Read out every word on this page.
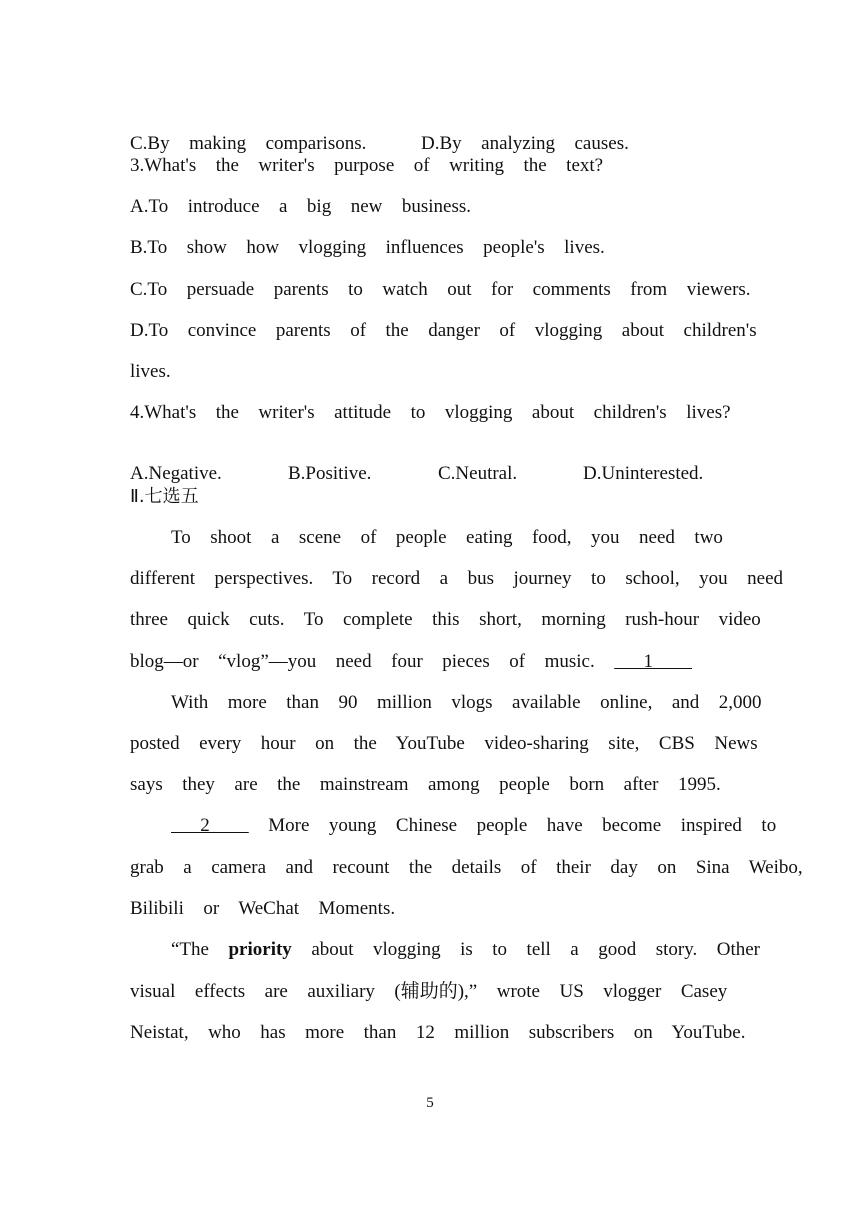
C.By  making  comparisons.	D.By  analyzing  causes.

3.What's  the  writer's  purpose  of  writing  the  text?

A.To  introduce  a  big  new  business.

B.To  show  how  vlogging  influences  people's  lives.

C.To  persuade  parents  to  watch  out  for  comments  from  viewers.

D.To  convince  parents  of  the  danger  of  vlogging  about  children's

lives.

4.What's  the  writer's  attitude  to  vlogging  about  children's  lives?

A.Negative.	B.Positive.	C.Neutral.	D.Uninterested.

Ⅱ.七选五

To  shoot  a  scene  of  people  eating  food,  you  need  two

different  perspectives.  To  record  a  bus  journey  to  school,  you  need

three  quick  cuts.  To  complete  this  short,  morning  rush-hour  video

blog—or  “vlog”—you  need  four  pieces  of  music.     1

With  more  than  90  million  vlogs  available  online,  and  2,000

posted  every  hour  on  the  YouTube  video-sharing  site,  CBS  News

says  they  are  the  mainstream  among  people  born  after  1995.

2      More  young  Chinese  people  have  become  inspired  to

grab  a  camera  and  recount  the  details  of  their  day  on  Sina  Weibo,

Bilibili  or  WeChat  Moments.

“The  priority  about  vlogging  is  to  tell  a  good  story.  Other

visual  effects  are  auxiliary  (辅助的),”  wrote  US  vlogger  Casey

Neistat,  who  has  more  than  12  million  subscribers  on  YouTube.

5
